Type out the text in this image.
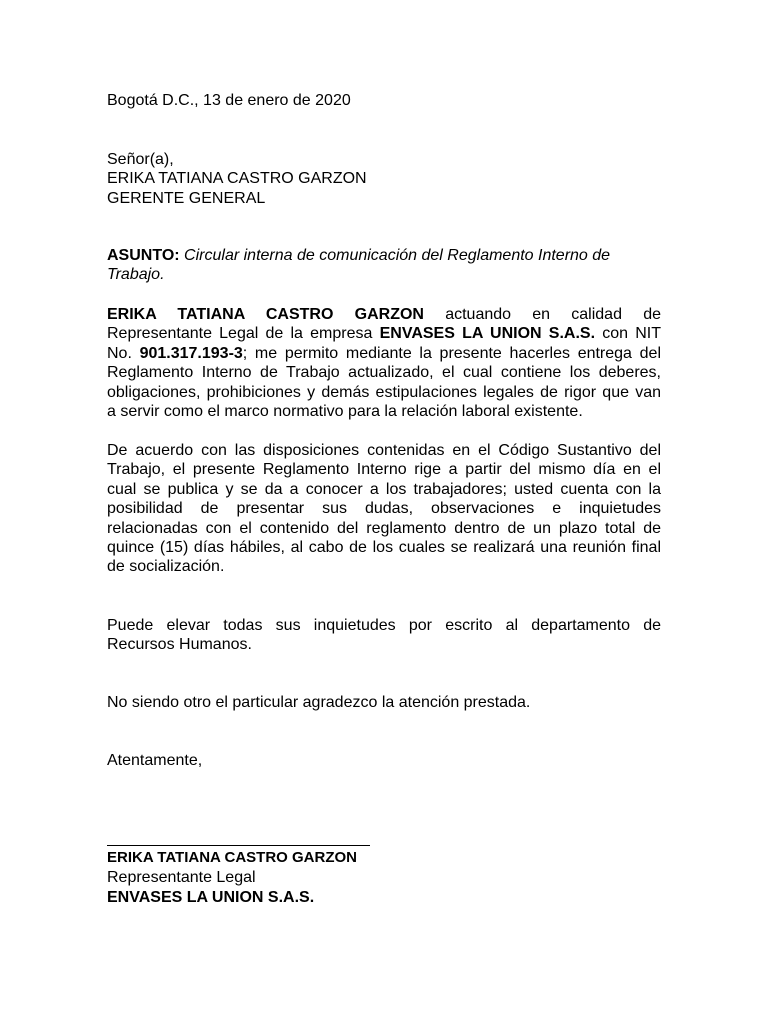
Bogotá D.C., 13 de enero de 2020

Señor(a),
ERIKA TATIANA CASTRO GARZON
GERENTE GENERAL

ASUNTO: Circular interna de comunicación del Reglamento Interno de
Trabajo.

ERIKA TATIANA CASTRO GARZON actuando en calidad de
Representante Legal de la empresa ENVASES LA UNION S.A.S. con NIT
No. 901.317.193-3; me permito mediante la presente hacerles entrega del
Reglamento Interno de Trabajo actualizado, el cual contiene los deberes,
obligaciones, prohibiciones y demás estipulaciones legales de rigor que van
a servir como el marco normativo para la relación laboral existente.

De acuerdo con las disposiciones contenidas en el Código Sustantivo del
Trabajo, el presente Reglamento Interno rige a partir del mismo día en el
cual se publica y se da a conocer a los trabajadores; usted cuenta con la
posibilidad de presentar sus dudas, observaciones e inquietudes
relacionadas con el contenido del reglamento dentro de un plazo total de
quince (15) días hábiles, al cabo de los cuales se realizará una reunión final
de socialización.

Puede elevar todas sus inquietudes por escrito al departamento de
Recursos Humanos.

No siendo otro el particular agradezco la atención prestada.

Atentamente,

ERIKA TATIANA CASTRO GARZON
Representante Legal
ENVASES LA UNION S.A.S.
